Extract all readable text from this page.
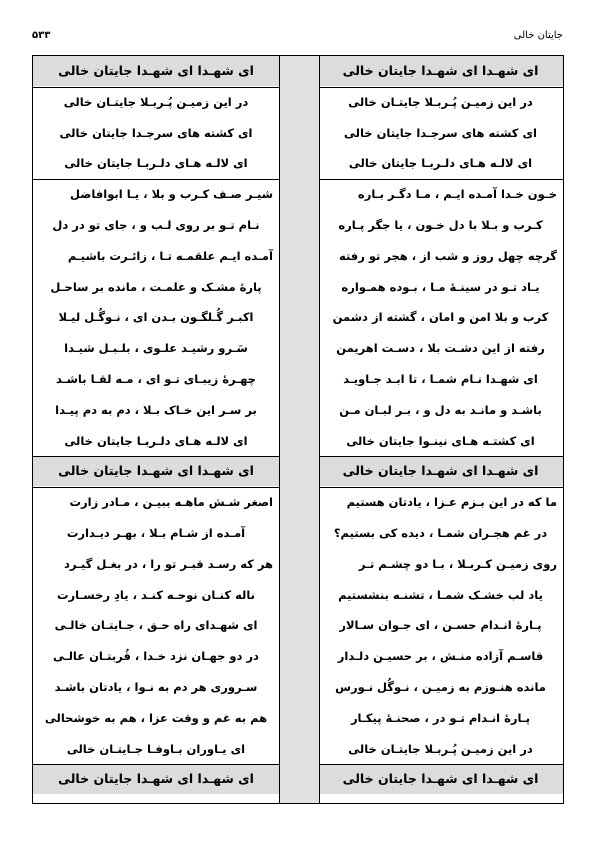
جایتان خالی
۵۳۳
ای شهـدا ای شهـدا جایتان خالی
در این زمیـن پُـربـلا جایتـان خالی
ای کشته های سرجـدا جایتان خالی
ای لالـه هـای دلـربـا جایتان خالی
خـون خـدا آمـده ایـم ، مـا دگـر بـاره
کـرب و بـلا با دل خـون ، یا جگر پـاره
گرچه چهل روز و شب از ، هجر تو رفته
یـاد تـو در سینـۀ مـا ، بـوده همـواره
کرب و بلا امن و امان ، گشته از دشمن
رفته از این دشـت بلا ، دسـت اهریمن
ای شهـدا نـام شمـا ، تا ابـد جـاویـد
باشـد و مانـد به دل و ، بـر لبـان مـن
ای کشتـه هـای نینـوا جایتان خالی
ای شهـدا ای شهـدا جایتان خالی
ما که در این بـزم عـزا ، یادتان هستیم
در غم هجـران شمـا ، دیده کی بستیم؟
روی زمیـن کـربـلا ، بـا دو چشـم تـر
یاد لب خشـک شمـا ، تشنـه بنشستیم
پـارۀ انـدام حسـن ، ای جـوان سـالار
قاسـم آزاده منـش ، بر حسیـن دلـدار
مانده هنـوزم به زمیـن ، نـوگُل نـورس
پـارۀ انـدام تـو در ، صحنـۀ پیکـار
در این زمیـن پُـربـلا جایتـان خالی
ای شهـدا ای شهـدا جایتان خالی
ای شهـدا ای شهـدا جایتان خالی
در این زمیـن پُـربـلا جایتـان خالی
ای کشته های سرجـدا جایتان خالی
ای لالـه هـای دلـربـا جایتان خالی
شیـر صـف کـرب و بلا ، یـا ابوافاضل
نـام تـو بر روی لـب و ، جای تو در دل
آمـده ایـم علقمـه تـا ، زائـرت باشیـم
پارۀ مشـک و علمـت ، مانده بر ساحـل
اکبـر گُـلگـون بـدن ای ، نـوگُـل لیـلا
سَـرو رشیـد علـوی ، بلـبـل شیـدا
چهـرۀ زیبـای تـو ای ، مـه لقـا باشـد
بر سـر این خـاک بـلا ، دم به دم پیـدا
ای لالـه هـای دلـربـا جایتان خالی
ای شهـدا ای شهـدا جایتان خالی
اصغر شـش ماهـه ببیـن ، مـادر زارت
آمـده از شـام بـلا ، بهـر دیـدارت
هر که رسـد قبـر تو را ، در بغـل گیـرد
ناله کنـان نوحـه کنـد ، یادِ رخسـارت
ای شهـدای راه حـق ، جـایتـان خالـی
در دو جهـان نزد خـدا ، قُربتـان عالـی
سـروری هر دم به نـوا ، یادتان باشـد
هم به غم و وقت عزا ، هم به خوشحالی
ای یـاوران بـاوفـا جـایتـان خالی
ای شهـدا ای شهـدا جایتان خالی
